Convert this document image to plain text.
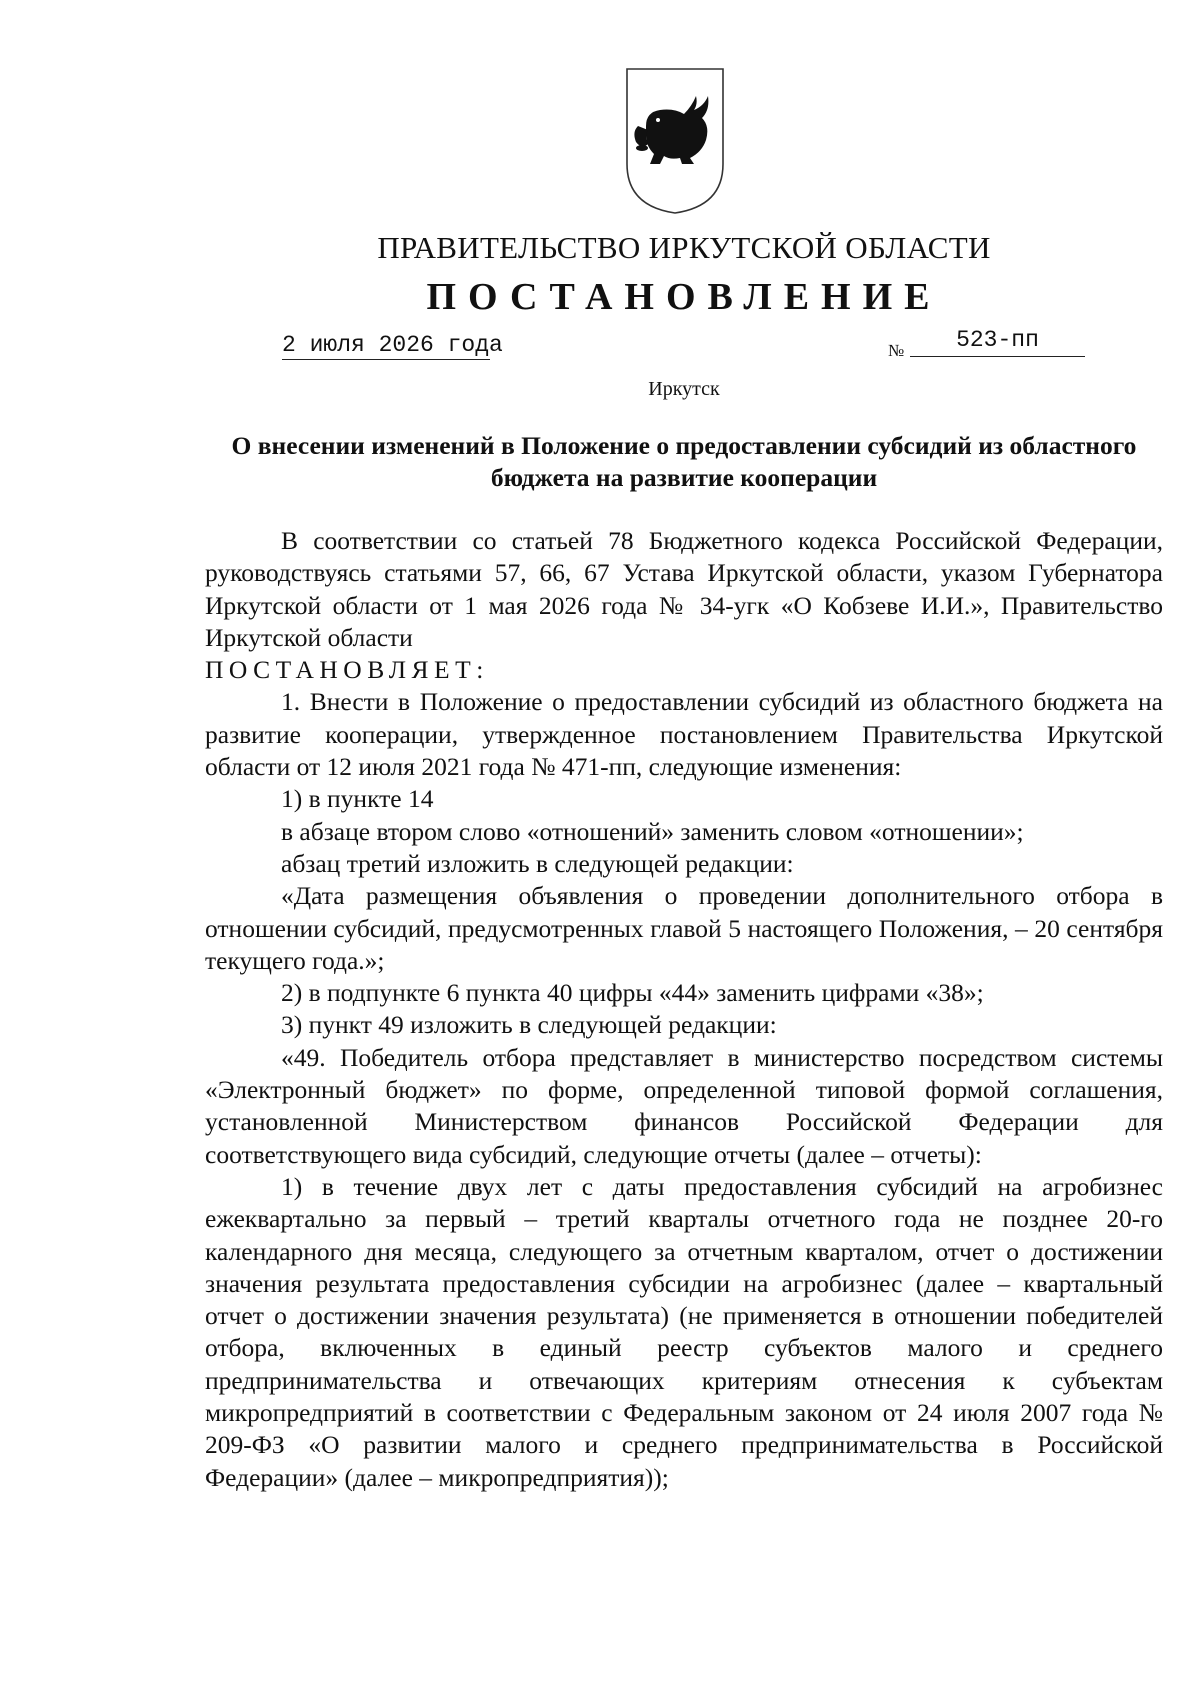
ПРАВИТЕЛЬСТВО ИРКУТСКОЙ ОБЛАСТИ
ПОСТАНОВЛЕНИЕ
2 июля 2026 года	№	523-пп
Иркутск
О внесении изменений в Положение о предоставлении субсидий из областного бюджета на развитие кооперации

В соответствии со статьей 78 Бюджетного кодекса Российской Федерации, руководствуясь статьями 57, 66, 67 Устава Иркутской области, указом Губернатора Иркутской области от 1 мая 2026 года № 34-угк «О Кобзеве И.И.», Правительство Иркутской области

ПОСТАНОВЛЯЕТ:

1. Внести в Положение о предоставлении субсидий из областного бюджета на развитие кооперации, утвержденное постановлением Правительства Иркутской области от 12 июля 2021 года № 471-пп, следующие изменения:

1) в пункте 14

в абзаце втором слово «отношений» заменить словом «отношении»;

абзац третий изложить в следующей редакции:

«Дата размещения объявления о проведении дополнительного отбора в отношении субсидий, предусмотренных главой 5 настоящего Положения, – 20 сентября текущего года.»;

2) в подпункте 6 пункта 40 цифры «44» заменить цифрами «38»;

3) пункт 49 изложить в следующей редакции:

«49. Победитель отбора представляет в министерство посредством системы «Электронный бюджет» по форме, определенной типовой формой соглашения, установленной Министерством финансов Российской Федерации для соответствующего вида субсидий, следующие отчеты (далее – отчеты):

1) в течение двух лет с даты предоставления субсидий на агробизнес ежеквартально за первый – третий кварталы отчетного года не позднее 20-го календарного дня месяца, следующего за отчетным кварталом, отчет о достижении значения результата предоставления субсидии на агробизнес (далее – квартальный отчет о достижении значения результата) (не применяется в отношении победителей отбора, включенных в единый реестр субъектов малого и среднего предпринимательства и отвечающих критериям отнесения к субъектам микропредприятий в соответствии с Федеральным законом от 24 июля 2007 года № 209-ФЗ «О развитии малого и среднего предпринимательства в Российской Федерации» (далее – микропредприятия));
